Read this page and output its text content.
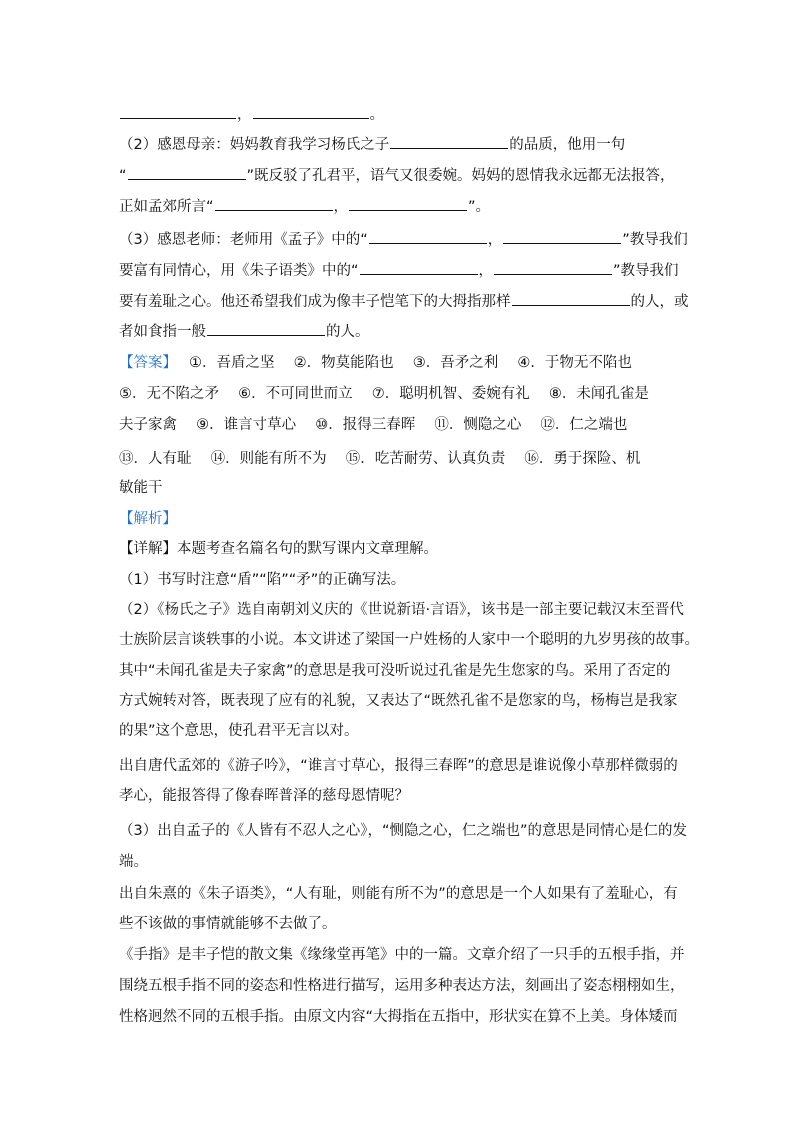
，	。
（2）感恩母亲：妈妈教育我学习杨氏之子	的品质，他用一句
“	”既反驳了孔君平，语气又很委婉。妈妈的恩情我永远都无法报答，
正如孟郊所言“	，	”。
（3）感恩老师：老师用《孟子》中的“	，	”教导我们
要富有同情心，用《朱子语类》中的“	，	”教导我们
要有羞耻之心。他还希望我们成为像丰子恺笔下的大拇指那样	的人，或
者如食指一般	的人。
【答案】 ①．吾盾之坚　 ②．物莫能陷也　 ③．吾矛之利　 ④．于物无不陷也
⑤．无不陷之矛　 ⑥．不可同世而立　 ⑦．聪明机智、委婉有礼　 ⑧．未闻孔雀是
夫子家禽　 ⑨．谁言寸草心　 ⑩．报得三春晖　 ⑪．恻隐之心　 ⑫．仁之端也
⑬．人有耻　 ⑭．则能有所不为　 ⑮．吃苦耐劳、认真负责　 ⑯．勇于探险、机
敏能干
【解析】
【详解】本题考查名篇名句的默写课内文章理解。
（1）书写时注意“盾”“陷”“矛”的正确写法。
（2）《杨氏之子》选自南朝刘义庆的《世说新语·言语》，该书是一部主要记载汉末至晋代
士族阶层言谈轶事的小说。本文讲述了梁国一户姓杨的人家中一个聪明的九岁男孩的故事。
其中“未闻孔雀是夫子家禽”的意思是我可没听说过孔雀是先生您家的鸟。采用了否定的
方式婉转对答，既表现了应有的礼貌，又表达了“既然孔雀不是您家的鸟，杨梅岂是我家
的果”这个意思，使孔君平无言以对。
出自唐代孟郊的《游子吟》，“谁言寸草心，报得三春晖”的意思是谁说像小草那样微弱的
孝心，能报答得了像春晖普泽的慈母恩情呢？
（3）出自孟子的《人皆有不忍人之心》，“恻隐之心，仁之端也”的意思是同情心是仁的发
端。
出自朱熹的《朱子语类》，“人有耻，则能有所不为”的意思是一个人如果有了羞耻心，有
些不该做的事情就能够不去做了。
《手指》是丰子恺的散文集《缘缘堂再笔》中的一篇。文章介绍了一只手的五根手指，并
围绕五根手指不同的姿态和性格进行描写，运用多种表达方法，刻画出了姿态栩栩如生，
性格迥然不同的五根手指。由原文内容“大拇指在五指中，形状实在算不上美。身体矮而
